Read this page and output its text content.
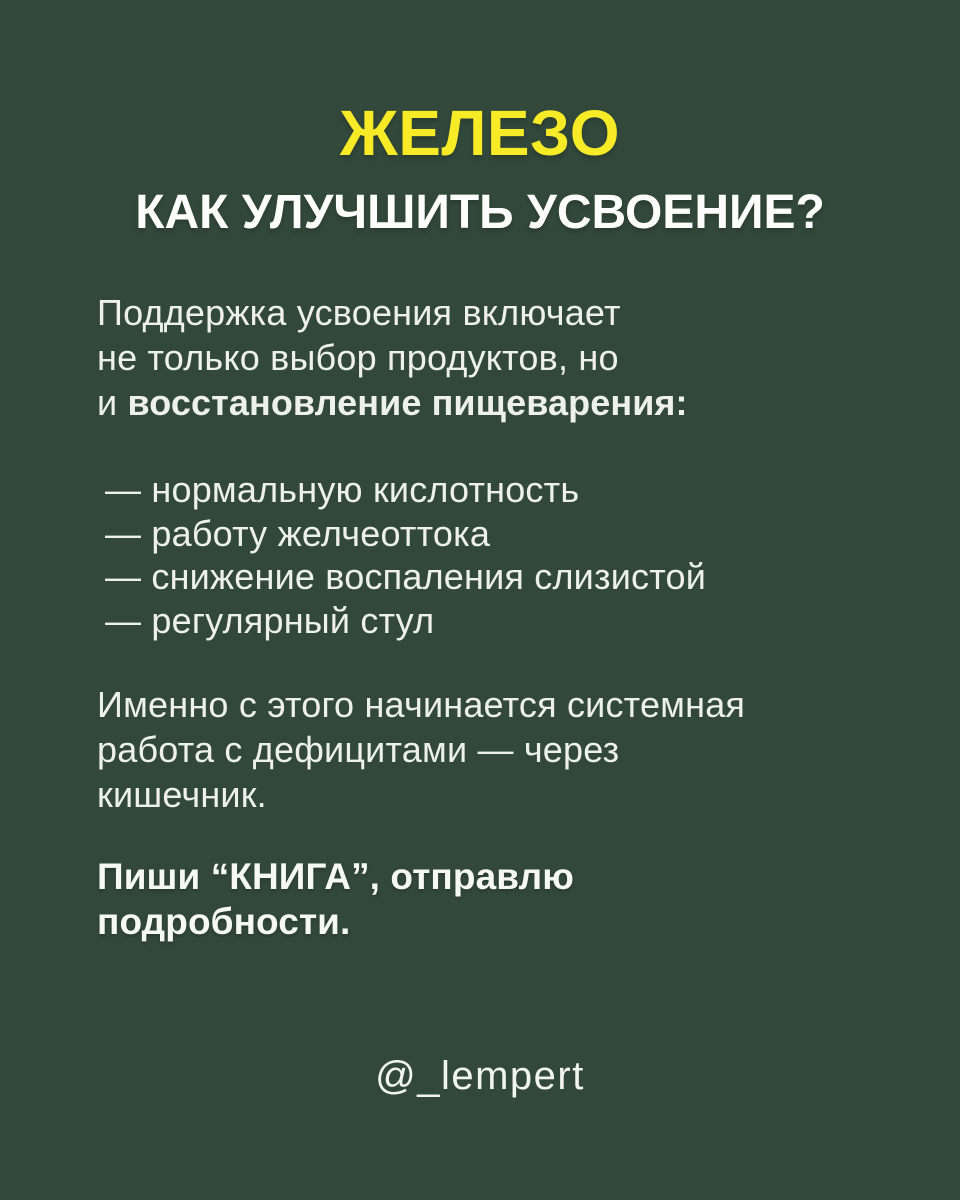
ЖЕЛЕЗО
КАК УЛУЧШИТЬ УСВОЕНИЕ?
Поддержка усвоения включает
не только выбор продуктов, но
и восстановление пищеварения:
— нормальную кислотность
— работу желчеоттока
— снижение воспаления слизистой
— регулярный стул
Именно с этого начинается системная
работа с дефицитами — через
кишечник.
Пиши “КНИГА”, отправлю
подробности.
@_lempert
